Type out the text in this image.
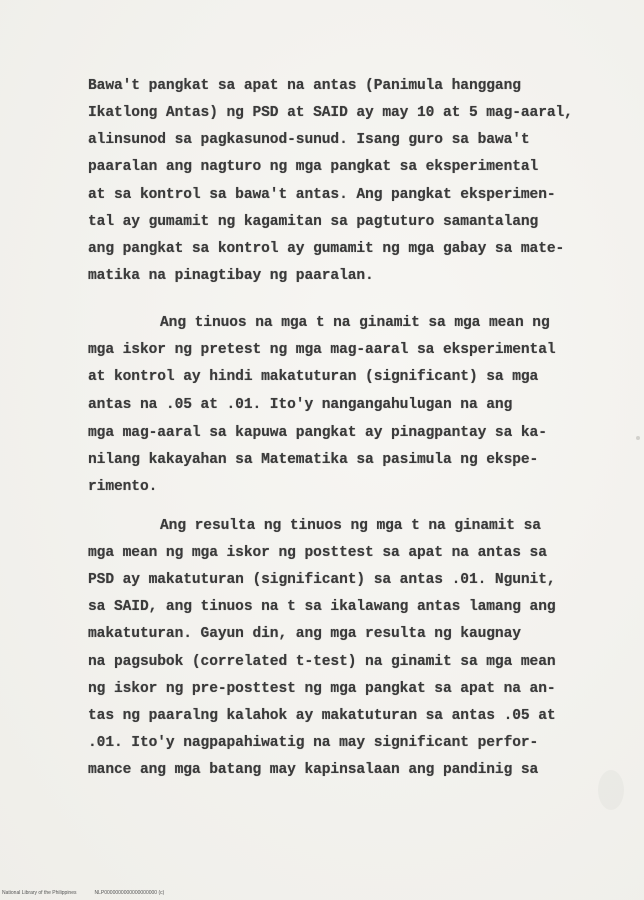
Bawa't pangkat sa apat na antas (Panimula hanggang
Ikatlong Antas) ng PSD at SAID ay may 10 at 5 mag-aaral,
alinsunod sa pagkasunod-sunud. Isang guro sa bawa't
paaralan ang nagturo ng mga pangkat sa eksperimental
at sa kontrol sa bawa't antas. Ang pangkat eksperimen-
tal ay gumamit ng kagamitan sa pagtuturo samantalang
ang pangkat sa kontrol ay gumamit ng mga gabay sa mate-
matika na pinagtibay ng paaralan.
Ang tinuos na mga t na ginamit sa mga mean ng
mga iskor ng pretest ng mga mag-aaral sa eksperimental
at kontrol ay hindi makatuturan (significant) sa mga
antas na .05 at .01. Ito'y nangangahulugan na ang
mga mag-aaral sa kapuwa pangkat ay pinagpantay sa ka-
nilang kakayahan sa Matematika sa pasimula ng ekspe-
rimento.
Ang resulta ng tinuos ng mga t na ginamit sa
mga mean ng mga iskor ng posttest sa apat na antas sa
PSD ay makatuturan (significant) sa antas .01. Ngunit,
sa SAID, ang tinuos na t sa ikalawang antas lamang ang
makatuturan. Gayun din, ang mga resulta ng kaugnay
na pagsubok (correlated t-test) na ginamit sa mga mean
ng iskor ng pre-posttest ng mga pangkat sa apat na an-
tas ng paaralng kalahok ay makatuturan sa antas .05 at
.01. Ito'y nagpapahiwatig na may significant perfor-
mance ang mga batang may kapinsalaan ang pandinig sa
National Library of the Philippines	NLP0000000000000000000 (c)
